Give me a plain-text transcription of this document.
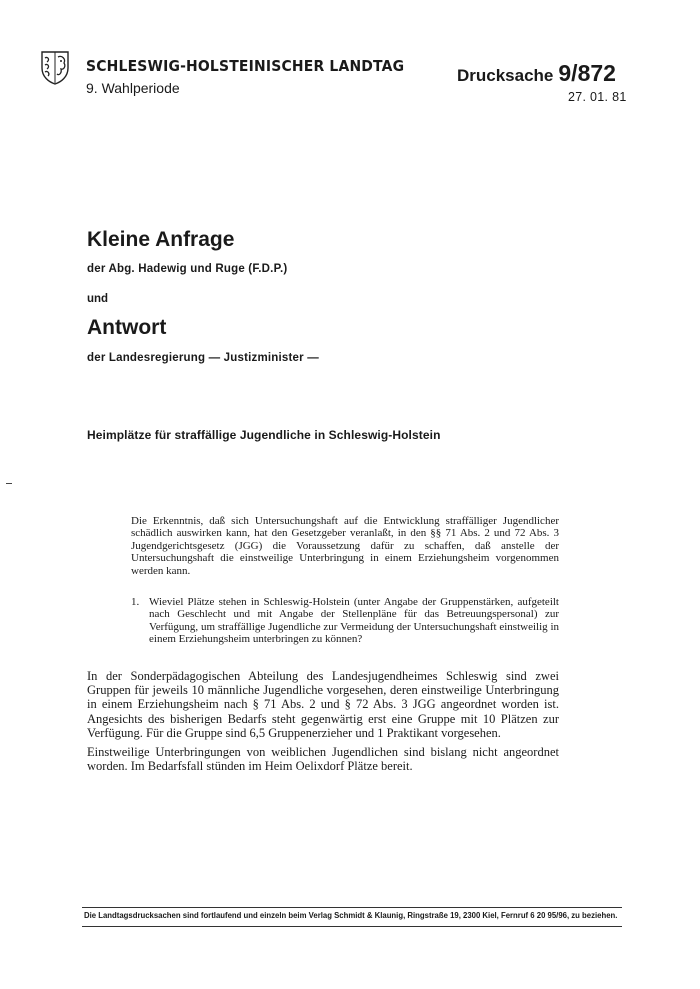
SCHLESWIG-HOLSTEINISCHER LANDTAG
9. Wahlperiode
Drucksache 9/872
27. 01. 81
Kleine Anfrage
der Abg. Hadewig und Ruge (F.D.P.)
und
Antwort
der Landesregierung — Justizminister —
Heimplätze für straffällige Jugendliche in Schleswig-Holstein
Die Erkenntnis, daß sich Untersuchungshaft auf die Entwicklung straffälliger Jugendlicher schädlich auswirken kann, hat den Gesetzgeber veranlaßt, in den §§ 71 Abs. 2 und 72 Abs. 3 Jugendgerichtsgesetz (JGG) die Voraussetzung dafür zu schaffen, daß anstelle der Untersuchungshaft die einstweilige Unterbringung in einem Erziehungsheim vorgenommen werden kann.
1. Wieviel Plätze stehen in Schleswig-Holstein (unter Angabe der Gruppenstärken, aufgeteilt nach Geschlecht und mit Angabe der Stellenpläne für das Betreuungspersonal) zur Verfügung, um straffällige Jugendliche zur Vermeidung der Untersuchungshaft einstweilig in einem Erziehungsheim unterbringen zu können?

In der Sonderpädagogischen Abteilung des Landesjugendheimes Schleswig sind zwei Gruppen für jeweils 10 männliche Jugendliche vorgesehen, deren einstweilige Unterbringung in einem Erziehungsheim nach § 71 Abs. 2 und § 72 Abs. 3 JGG angeordnet worden ist. Angesichts des bisherigen Bedarfs steht gegenwärtig erst eine Gruppe mit 10 Plätzen zur Verfügung. Für die Gruppe sind 6,5 Gruppenerzieher und 1 Praktikant vorgesehen.

Einstweilige Unterbringungen von weiblichen Jugendlichen sind bislang nicht angeordnet worden. Im Bedarfsfall stünden im Heim Oelixdorf Plätze bereit.

Die Landtagsdrucksachen sind fortlaufend und einzeln beim Verlag Schmidt & Klaunig, Ringstraße 19, 2300 Kiel, Fernruf 6 20 95/96, zu beziehen.
